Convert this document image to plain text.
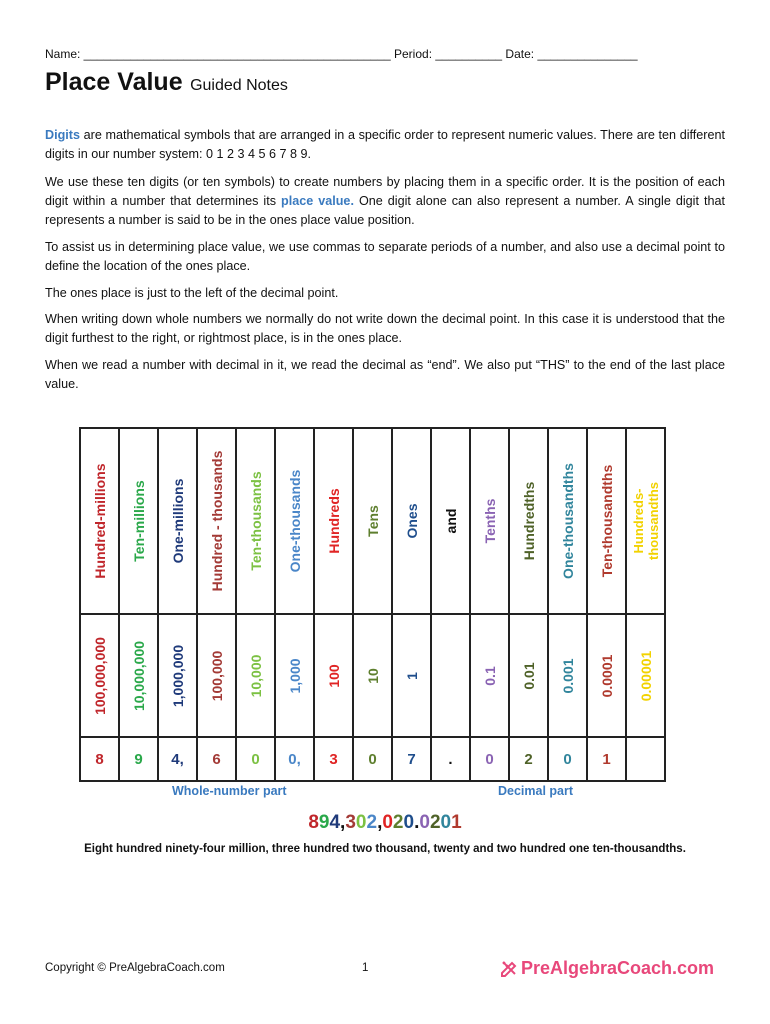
Name: ______________________________________________ Period: __________ Date: _______________
Place Value Guided Notes
Digits are mathematical symbols that are arranged in a specific order to represent numeric values. There are ten different digits in our number system: 0 1 2 3 4 5 6 7 8 9.
We use these ten digits (or ten symbols) to create numbers by placing them in a specific order. It is the position of each digit within a number that determines its place value. One digit alone can also represent a number. A single digit that represents a number is said to be in the ones place value position.
To assist us in determining place value, we use commas to separate periods of a number, and also use a decimal point to define the location of the ones place.
The ones place is just to the left of the decimal point.
When writing down whole numbers we normally do not write down the decimal point. In this case it is understood that the digit furthest to the right, or rightmost place, is in the ones place.
When we read a number with decimal in it, we read the decimal as “end”. We also put “THS” to the end of the last place value.
Hundred-millions	Ten-millions	One-millions	Hundred - thousands	Ten-thousands	One-thousands	Hundreds	Tens	Ones	and	Tenths	Hundredths	One-thousandths	Ten-thousandths	Hundreds-
thousandths

100,000,000	10,000,000	1,000,000	100,000	10,000	1,000	100	10	1		0.1	0.01	0.001	0.0001	0.00001

8	9	4,	6	0	0,	3	0	7	.	0	2	0	1	
Whole-number part	Decimal part
894,302,020.0201
Eight hundred ninety-four million, three hundred two thousand, twenty and two hundred one ten-thousandths.
Copyright © PreAlgebraCoach.com	1	PreAlgebraCoach.com
